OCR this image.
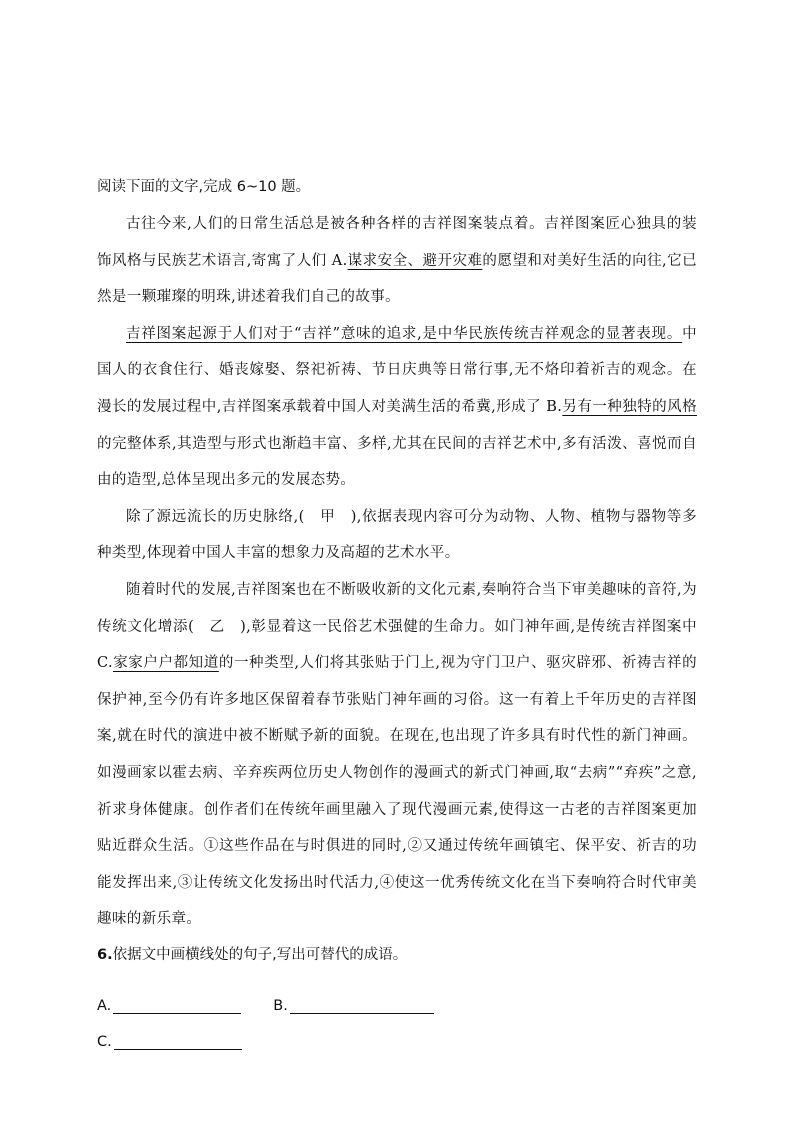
阅读下面的文字,完成 6~10 题。

古往今来,人们的日常生活总是被各种各样的吉祥图案装点着。吉祥图案匠心独具的装饰风格与民族艺术语言,寄寓了人们 A.谋求安全、避开灾难的愿望和对美好生活的向往,它已然是一颗璀璨的明珠,讲述着我们自己的故事。

吉祥图案起源于人们对于“吉祥”意味的追求,是中华民族传统吉祥观念的显著表现。中国人的衣食住行、婚丧嫁娶、祭祀祈祷、节日庆典等日常行事,无不烙印着祈吉的观念。在漫长的发展过程中,吉祥图案承载着中国人对美满生活的希冀,形成了 B.另有一种独特的风格的完整体系,其造型与形式也渐趋丰富、多样,尤其在民间的吉祥艺术中,多有活泼、喜悦而自由的造型,总体呈现出多元的发展态势。

除了源远流长的历史脉络,(　甲　),依据表现内容可分为动物、人物、植物与器物等多种类型,体现着中国人丰富的想象力及高超的艺术水平。

随着时代的发展,吉祥图案也在不断吸收新的文化元素,奏响符合当下审美趣味的音符,为传统文化增添(　乙　),彰显着这一民俗艺术强健的生命力。如门神年画,是传统吉祥图案中 C.家家户户都知道的一种类型,人们将其张贴于门上,视为守门卫户、驱灾辟邪、祈祷吉祥的保护神,至今仍有许多地区保留着春节张贴门神年画的习俗。这一有着上千年历史的吉祥图案,就在时代的演进中被不断赋予新的面貌。在现在,也出现了许多具有时代性的新门神画。如漫画家以霍去病、辛弃疾两位历史人物创作的漫画式的新式门神画,取“去病”“弃疾”之意,祈求身体健康。创作者们在传统年画里融入了现代漫画元素,使得这一古老的吉祥图案更加贴近群众生活。①这些作品在与时俱进的同时,②又通过传统年画镇宅、保平安、祈吉的功能发挥出来,③让传统文化发扬出时代活力,④使这一优秀传统文化在当下奏响符合时代审美趣味的新乐章。

6.依据文中画横线处的句子,写出可替代的成语。

A.	B.
C.
